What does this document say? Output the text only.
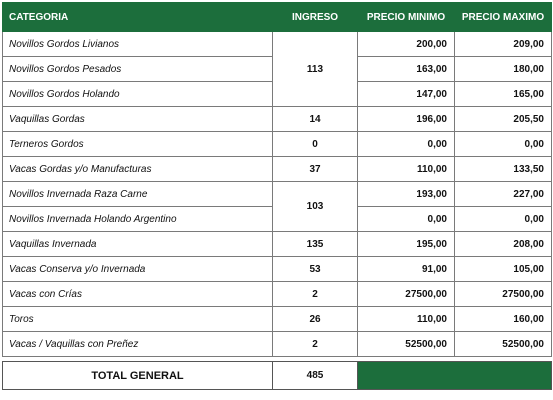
CATEGORIA	INGRESO	PRECIO MINIMO	PRECIO MAXIMO
Novillos Gordos Livianos	113	200,00	209,00
Novillos Gordos Pesados		163,00	180,00
Novillos Gordos Holando		147,00	165,00
Vaquillas Gordas	14	196,00	205,50
Terneros Gordos	0	0,00	0,00
Vacas Gordas y/o Manufacturas	37	110,00	133,50
Novillos Invernada Raza Carne	103	193,00	227,00
Novillos Invernada Holando Argentino		0,00	0,00
Vaquillas Invernada	135	195,00	208,00
Vacas Conserva y/o Invernada	53	91,00	105,00
Vacas con Crías	2	27500,00	27500,00
Toros	26	110,00	160,00
Vacas / Vaquillas con Preñez	2	52500,00	52500,00

TOTAL GENERAL	485		
